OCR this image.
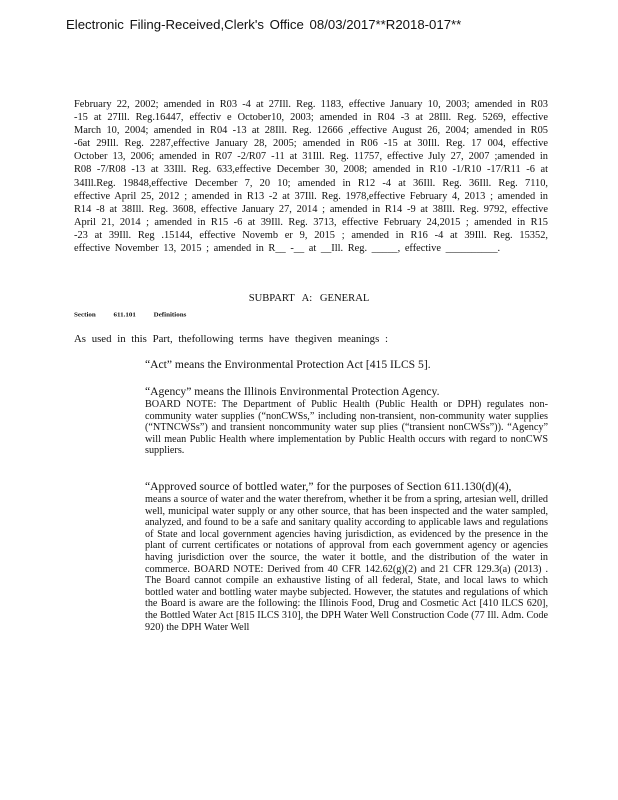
Electronic Filing-Received,Clerk's Office 08/03/2017**R2018-017**
February 22, 2002; amended in R03 -4 at 27Ill. Reg. 1183, effective January 10, 2003; amended in R03 -15 at 27Ill. Reg.16447, effectiv e October10, 2003; amended in R04 -3 at 28Ill. Reg. 5269, effective March 10, 2004; amended in R04 -13 at 28Ill. Reg. 12666 ,effective August 26, 2004; amended in R05 -6at 29Ill. Reg. 2287,effective January 28, 2005; amended in R06 -15 at 30Ill. Reg. 17 004, effective October 13, 2006; amended in R07 -2/R07 -11 at 31Ill. Reg. 11757, effective July 27, 2007 ;amended in R08 -7/R08 -13 at 33Ill. Reg. 633,effective December 30, 2008; amended in R10 -1/R10 -17/R11 -6 at 34Ill.Reg. 19848,effective December 7, 20 10; amended in R12 -4 at 36Ill. Reg. 36Ill. Reg. 7110, effective April 25, 2012 ; amended in R13 -2 at 37Ill. Reg. 1978,effective February 4, 2013 ; amended in R14 -8 at 38Ill. Reg. 3608, effective January 27, 2014 ; amended in R14 -9 at 38Ill. Reg. 9792, effective April 21, 2014 ; amended in R15 -6 at 39Ill. Reg. 3713, effective February 24,2015 ; amended in R15 -23 at 39Ill. Reg .15144, effective Novemb er 9, 2015 ; amended in R16 -4 at 39Ill. Reg. 15352, effective November 13, 2015 ; amended in R__ -__ at __Ill. Reg. _____, effective __________.
SUBPART A: GENERAL
Section 611.101	Definitions
As used in this Part, thefollowing terms have thegiven meanings :

“Act” means the Environmental Protection Act [415 ILCS 5].

“Agency” means the Illinois Environmental Protection Agency.

BOARD NOTE: The Department of Public Health (Public Health or DPH) regulates non-community water supplies (“nonCWSs,” including non-transient, non-community water supplies (“NTNCWSs”) and transient noncommunity water sup plies (“transient nonCWSs”)). “Agency” will mean Public Health where implementation by Public Health occurs with regard to nonCWS suppliers.

“Approved source of bottled water,” for the purposes of Section 611.130(d)(4),

means a source of water and the water therefrom, whether it be from a spring, artesian well, drilled well, municipal water supply or any other source, that has been inspected and the water sampled, analyzed, and found to be a safe and sanitary quality according to applicable laws and regulations of State and local government agencies having jurisdiction, as evidenced by the presence in the plant of current certificates or notations of approval from each government agency or agencies having jurisdiction over the source, the water it bottle, and the distribution of the water in commerce. BOARD NOTE: Derived from 40 CFR 142.62(g)(2) and 21 CFR 129.3(a) (2013) . The Board cannot compile an exhaustive listing of all federal, State, and local laws to which bottled water and bottling water maybe subjected. However, the statutes and regulations of which the Board is aware are the following: the Illinois Food, Drug and Cosmetic Act [410 ILCS 620], the Bottled Water Act [815 ILCS 310], the DPH Water Well Construction Code (77 Ill. Adm. Code 920) the DPH Water Well
